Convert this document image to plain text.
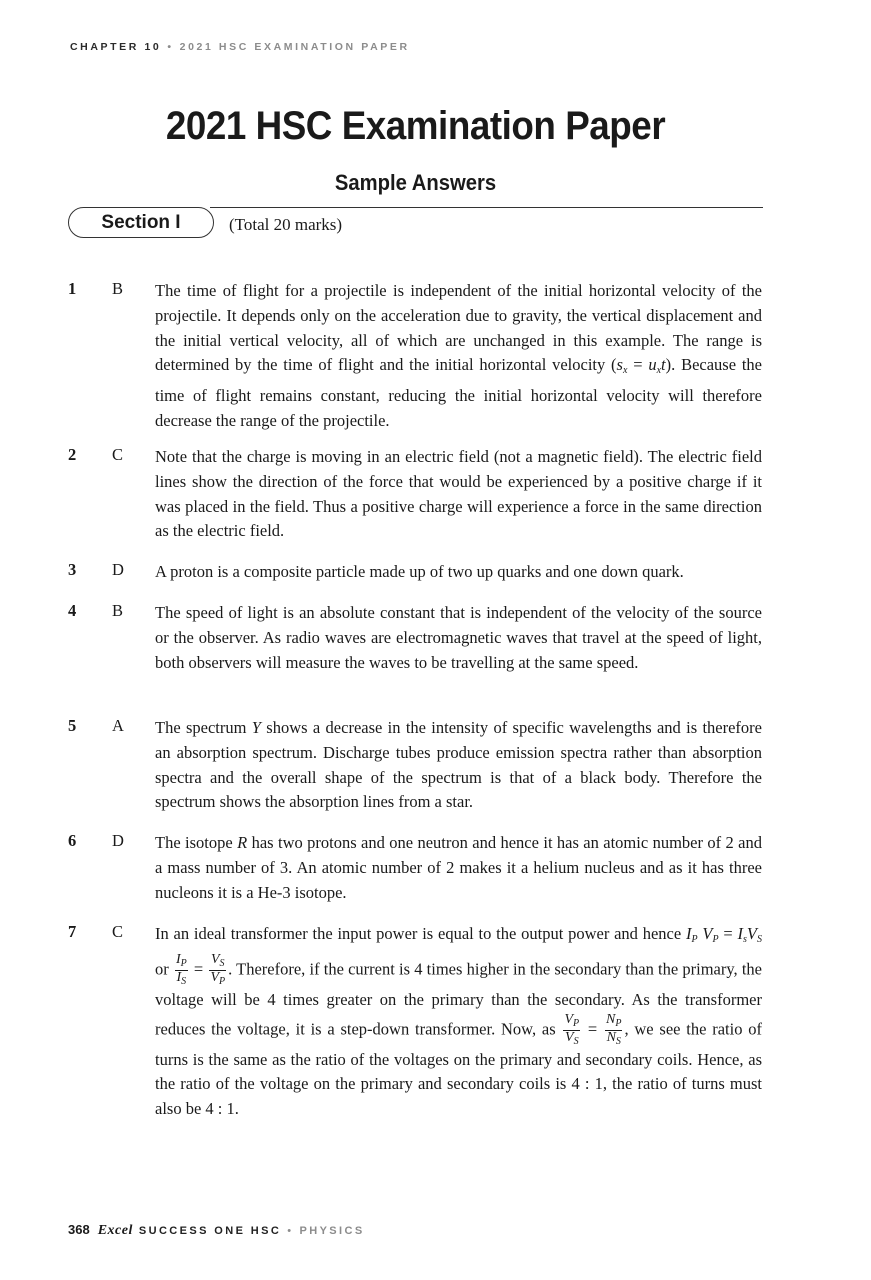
CHAPTER 10 • 2021 HSC EXAMINATION PAPER
2021 HSC Examination Paper
Sample Answers
Section I	(Total 20 marks)
1 B The time of flight for a projectile is independent of the initial horizontal velocity of the projectile. It depends only on the acceleration due to gravity, the vertical displacement and the initial vertical velocity, all of which are unchanged in this example. The range is determined by the time of flight and the initial horizontal velocity $(s_x = u_xt)$. Because the time of flight remains constant, reducing the initial horizontal velocity will therefore decrease the range of the projectile.
2 C Note that the charge is moving in an electric field (not a magnetic field). The electric field lines show the direction of the force that would be experienced by a positive charge if it was placed in the field. Thus a positive charge will experience a force in the same direction as the electric field.
3 D A proton is a composite particle made up of two up quarks and one down quark.
4 B The speed of light is an absolute constant that is independent of the velocity of the source or the observer. As radio waves are electromagnetic waves that travel at the speed of light, both observers will measure the waves to be travelling at the same speed.
5 A The spectrum Y shows a decrease in the intensity of specific wavelengths and is therefore an absorption spectrum. Discharge tubes produce emission spectra rather than absorption spectra and the overall shape of the spectrum is that of a black body. Therefore the spectrum shows the absorption lines from a star.
6 D The isotope R has two protons and one neutron and hence it has an atomic number of 2 and a mass number of 3. An atomic number of 2 makes it a helium nucleus and as it has three nucleons it is a He-3 isotope.
7 C In an ideal transformer the input power is equal to the output power and hence $I_P$ $V_P = I_sV_S$ or $\frac{I_P}{I_S} = \frac{V_S}{V_P}$ . Therefore, if the current is 4 times higher in the secondary than the primary, the voltage will be 4 times greater on the primary than the secondary. As the transformer reduces the voltage, it is a step-down transformer. Now, as $\frac{V_P}{V_S} = \frac{N_P}{N_S}$ , we see the ratio of turns is the same as the ratio of the voltages on the primary and secondary coils. Hence, as the ratio of the voltage on the primary and secondary coils is 4 : 1, the ratio of turns must also be 4 : 1.
368 Excel SUCCESS ONE HSC • PHYSICS
